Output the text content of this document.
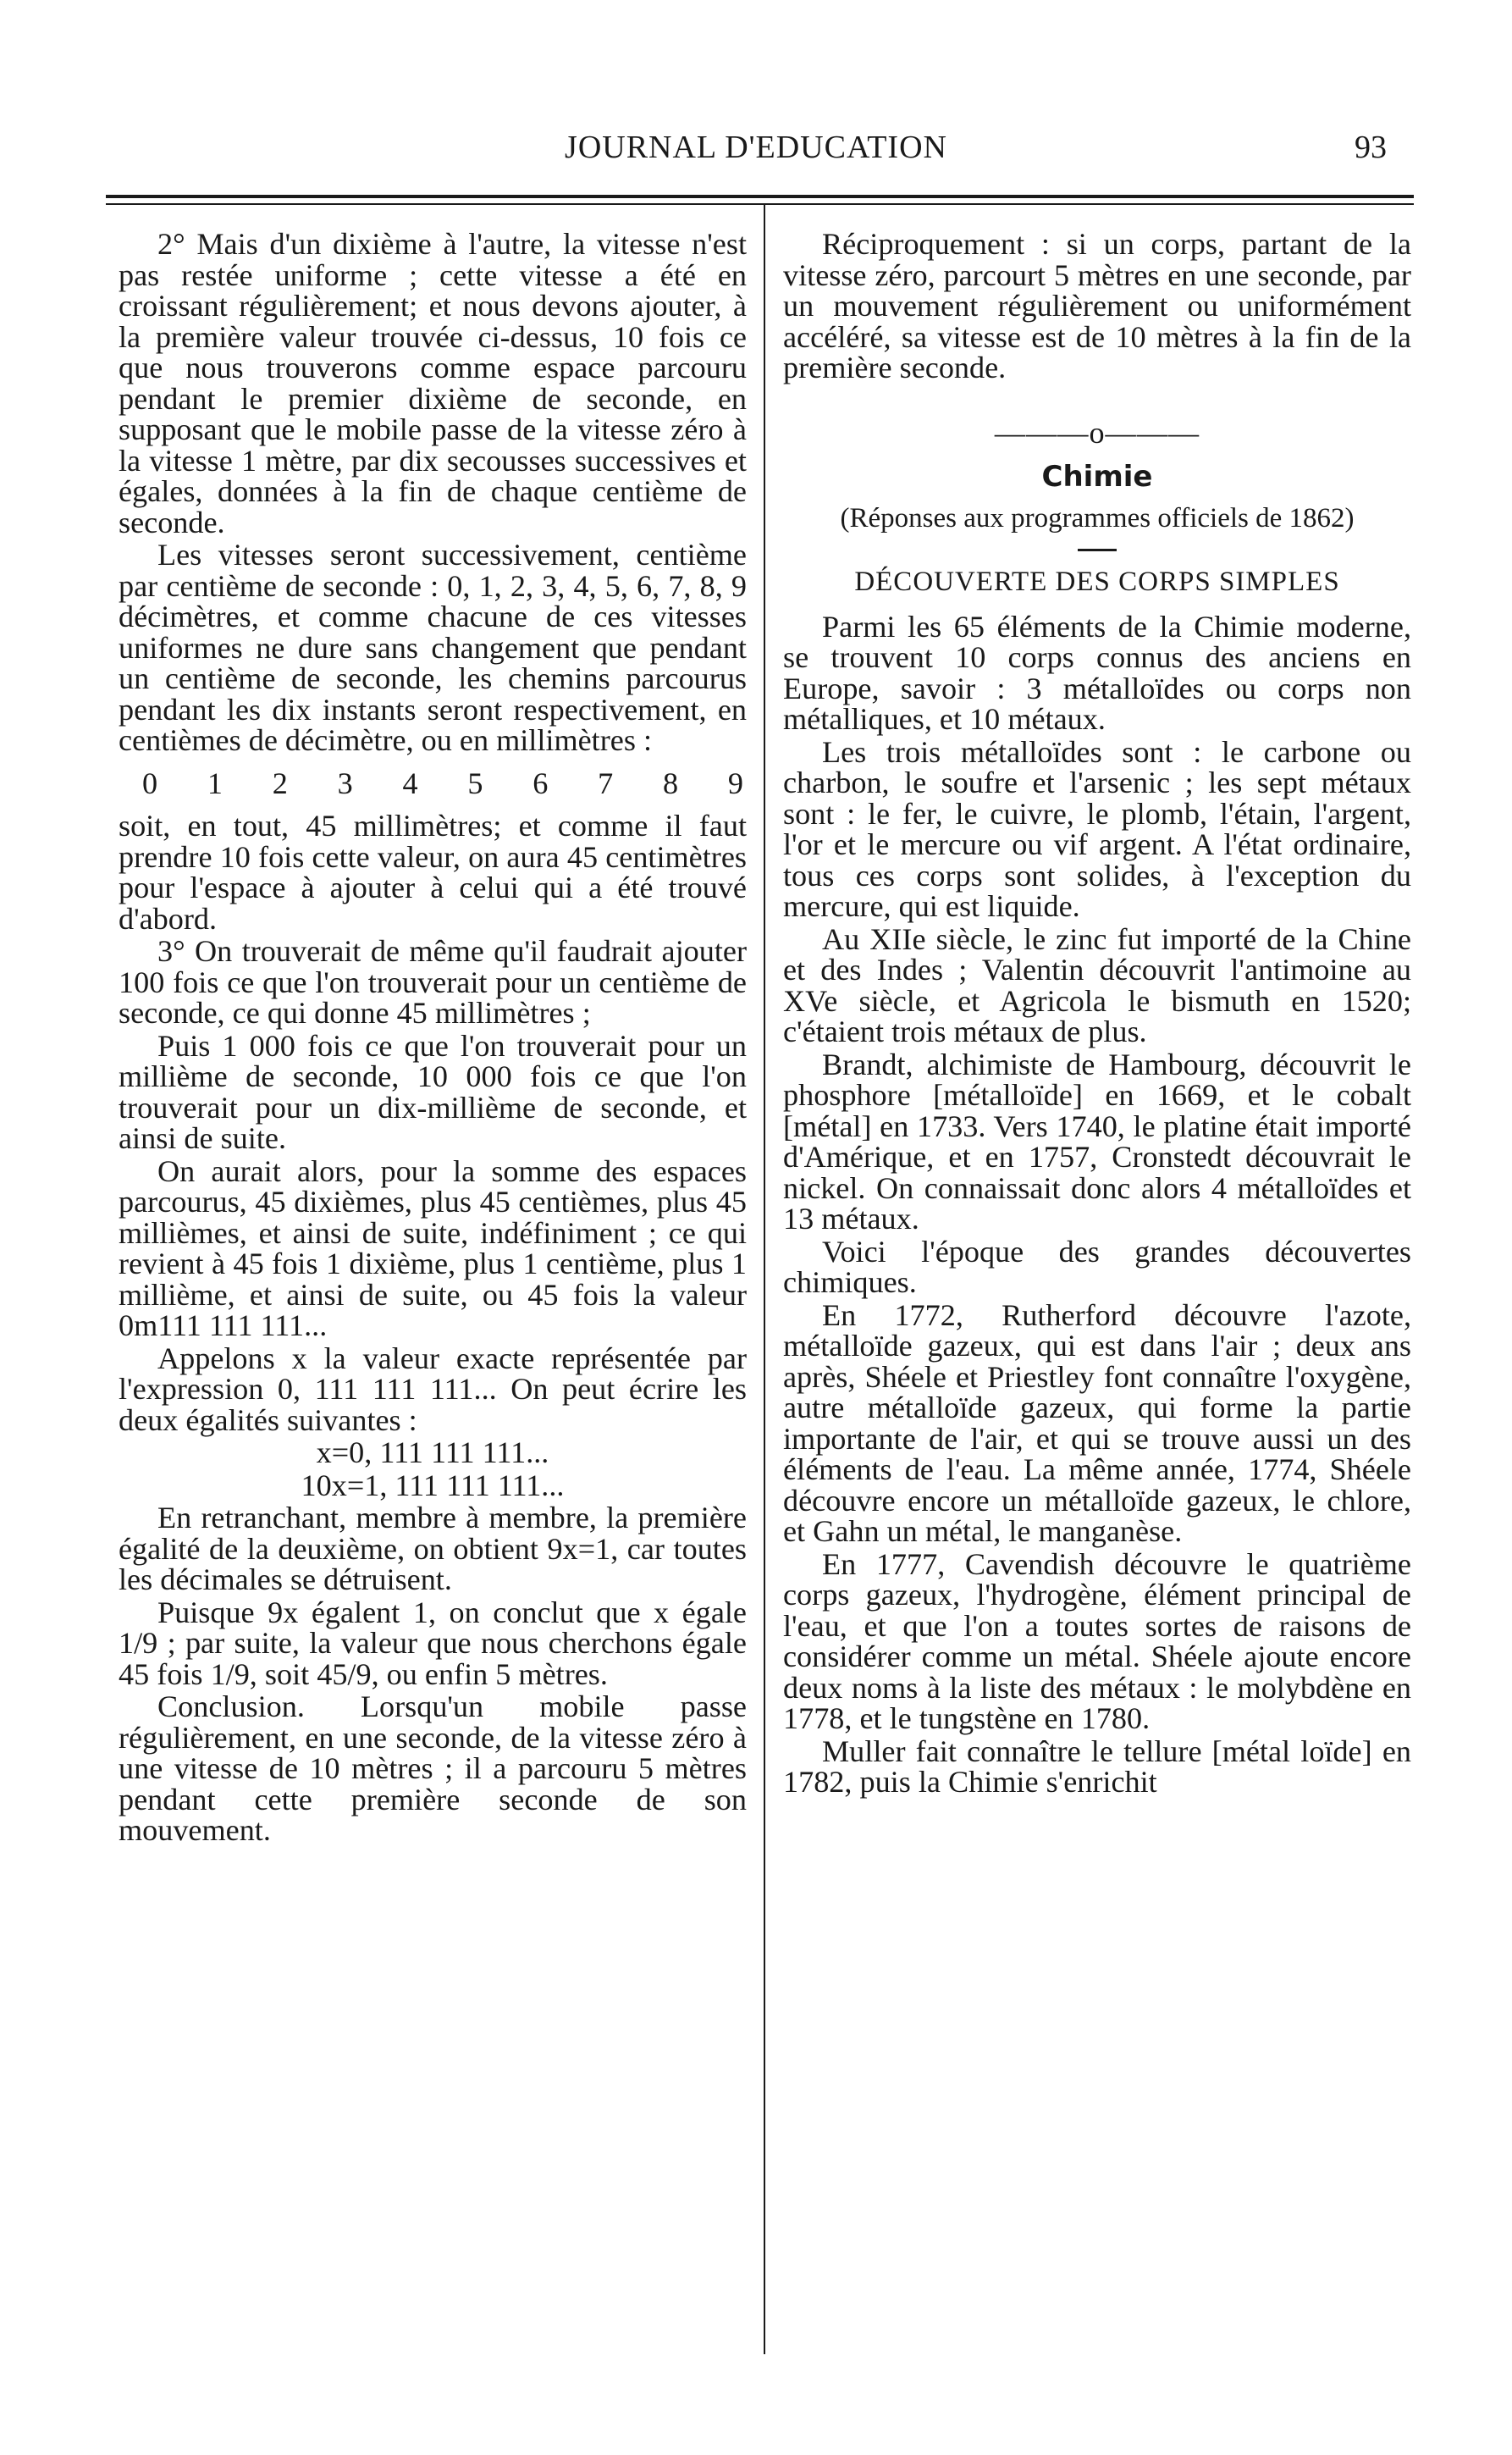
JOURNAL D'EDUCATION	93

2° Mais d'un dixième à l'autre, la vitesse n'est pas restée uniforme ; cette vitesse a été en croissant régulièrement; et nous devons ajouter, à la première valeur trouvée ci-dessus, 10 fois ce que nous trouverons comme espace parcouru pendant le premier dixième de seconde, en supposant que le mobile passe de la vitesse zéro à la vitesse 1 mètre, par dix secousses successives et égales, données à la fin de chaque centième de seconde.

Les vitesses seront successivement, centième par centième de seconde : 0, 1, 2, 3, 4, 5, 6, 7, 8, 9 décimètres, et comme chacune de ces vitesses uniformes ne dure sans changement que pendant un centième de seconde, les chemins parcourus pendant les dix instants seront respectivement, en centièmes de décimètre, ou en millimètres :

0 1 2 3 4 5 6 7 8 9

soit, en tout, 45 millimètres; et comme il faut prendre 10 fois cette valeur, on aura 45 centimètres pour l'espace à ajouter à celui qui a été trouvé d'abord.

3° On trouverait de même qu'il faudrait ajouter 100 fois ce que l'on trouverait pour un centième de seconde, ce qui donne 45 millimètres ;

Puis 1 000 fois ce que l'on trouverait pour un millième de seconde, 10 000 fois ce que l'on trouverait pour un dix-millième de seconde, et ainsi de suite.

On aurait alors, pour la somme des espaces parcourus, 45 dixièmes, plus 45 centièmes, plus 45 millièmes, et ainsi de suite, indéfiniment ; ce qui revient à 45 fois 1 dixième, plus 1 centième, plus 1 millième, et ainsi de suite, ou 45 fois la valeur 0m111 111 111...

Appelons x la valeur exacte représentée par l'expression 0, 111 111 111... On peut écrire les deux égalités suivantes :

x=0, 111 111 111...

10x=1, 111 111 111...

En retranchant, membre à membre, la première égalité de la deuxième, on obtient 9x=1, car toutes les décimales se détruisent.

Puisque 9x égalent 1, on conclut que x égale 1/9 ; par suite, la valeur que nous cherchons égale 45 fois 1/9, soit 45/9, ou enfin 5 mètres.

Conclusion. Lorsqu'un mobile passe régulièrement, en une seconde, de la vitesse zéro à une vitesse de 10 mètres ; il a parcouru 5 mètres pendant cette première seconde de son mouvement.

Réciproquement : si un corps, partant de la vitesse zéro, parcourt 5 mètres en une seconde, par un mouvement régulièrement ou uniformément accéléré, sa vitesse est de 10 mètres à la fin de la première seconde.

———o———
Chimie
(Réponses aux programmes officiels de 1862)
DÉCOUVERTE DES CORPS SIMPLES

Parmi les 65 éléments de la Chimie moderne, se trouvent 10 corps connus des anciens en Europe, savoir : 3 métalloïdes ou corps non métalliques, et 10 métaux.

Les trois métalloïdes sont : le carbone ou charbon, le soufre et l'arsenic ; les sept métaux sont : le fer, le cuivre, le plomb, l'étain, l'argent, l'or et le mercure ou vif argent. A l'état ordinaire, tous ces corps sont solides, à l'exception du mercure, qui est liquide.

Au XIIe siècle, le zinc fut importé de la Chine et des Indes ; Valentin découvrit l'antimoine au XVe siècle, et Agricola le bismuth en 1520; c'étaient trois métaux de plus.

Brandt, alchimiste de Hambourg, découvrit le phosphore [métalloïde] en 1669, et le cobalt [métal] en 1733. Vers 1740, le platine était importé d'Amérique, et en 1757, Cronstedt découvrait le nickel. On connaissait donc alors 4 métalloïdes et 13 métaux.

Voici l'époque des grandes découvertes chimiques.

En 1772, Rutherford découvre l'azote, métalloïde gazeux, qui est dans l'air ; deux ans après, Shéele et Priestley font connaître l'oxygène, autre métalloïde gazeux, qui forme la partie importante de l'air, et qui se trouve aussi un des éléments de l'eau. La même année, 1774, Shéele découvre encore un métalloïde gazeux, le chlore, et Gahn un métal, le manganèse.

En 1777, Cavendish découvre le quatrième corps gazeux, l'hydrogène, élément principal de l'eau, et que l'on a toutes sortes de raisons de considérer comme un métal. Shéele ajoute encore deux noms à la liste des métaux : le molybdène en 1778, et le tungstène en 1780.

Muller fait connaître le tellure [métal loïde] en 1782, puis la Chimie s'enrichit
